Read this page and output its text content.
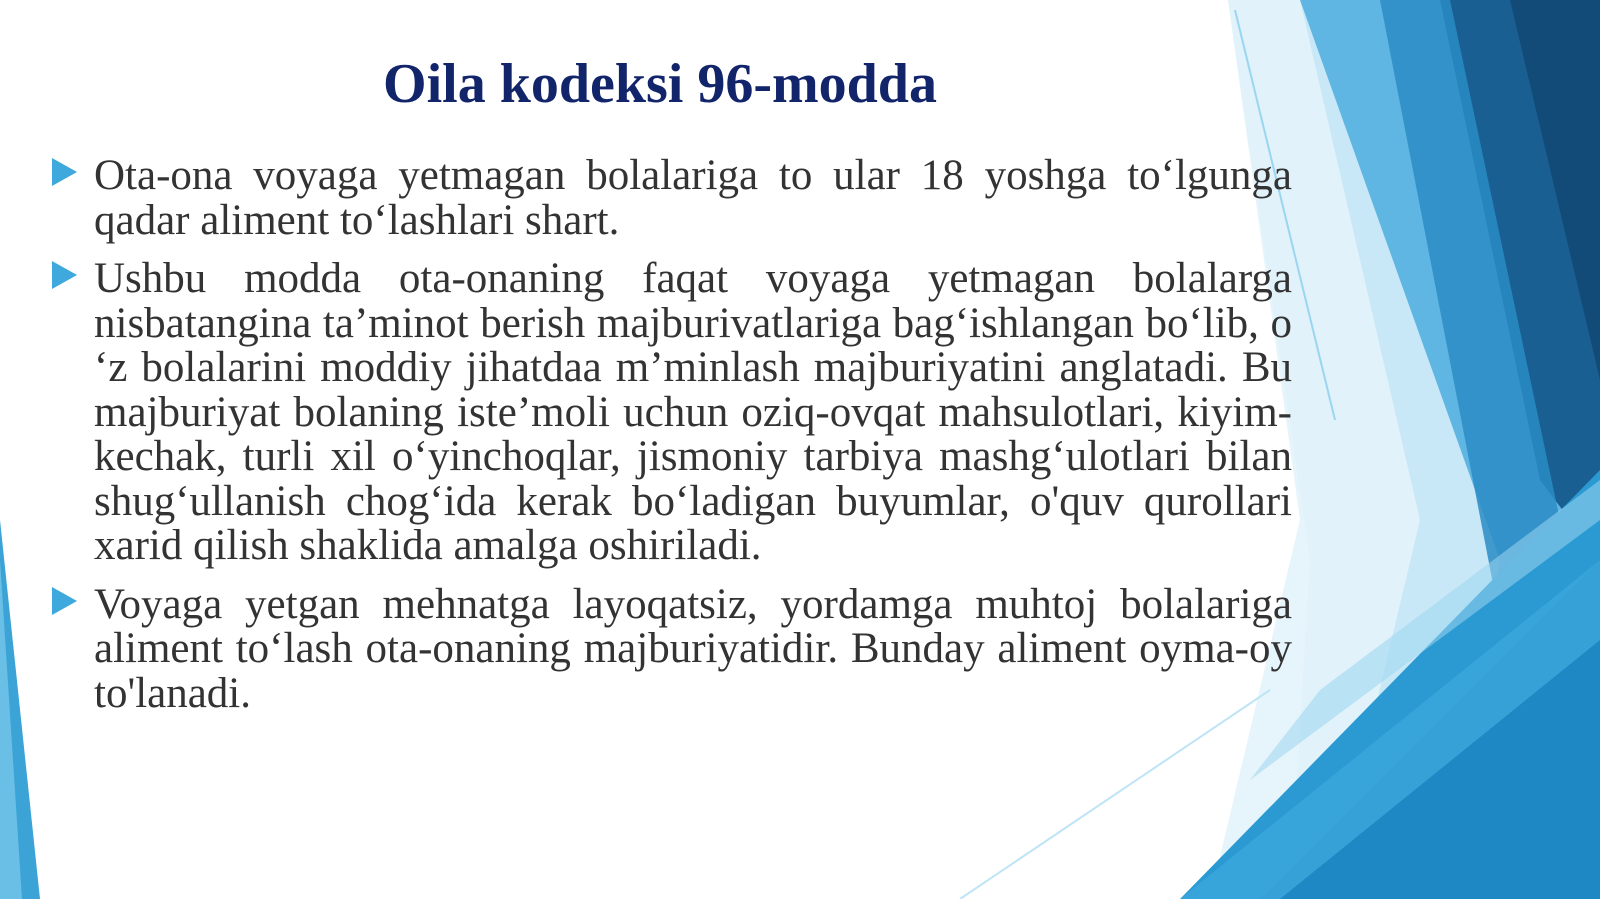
Oila kodeksi 96-modda
Ota-ona voyaga yetmagan bolalariga to ular 18 yoshga to‘lgunga qadar aliment to‘lashlari shart.
Ushbu modda ota-onaning faqat voyaga yetmagan bolalarga nisbatangina ta’minot berish majburivatlariga bag‘ishlangan bo‘lib, o ‘z bolalarini moddiy jihatdaa m’minlash majburiyatini anglatadi. Bu majburiyat bolaning iste’moli uchun oziq-ovqat mahsulotlari, kiyim-kechak, turli xil o‘yinchoqlar, jismoniy tarbiya mashg‘ulotlari bilan shug‘ullanish chog‘ida kerak bo‘ladigan buyumlar, o'quv qurollari xarid qilish shaklida amalga oshiriladi.
Voyaga yetgan mehnatga layoqatsiz, yordamga muhtoj bolalariga aliment to‘lash ota-onaning majburiyatidir. Bunday aliment oyma-oy to'lanadi.
